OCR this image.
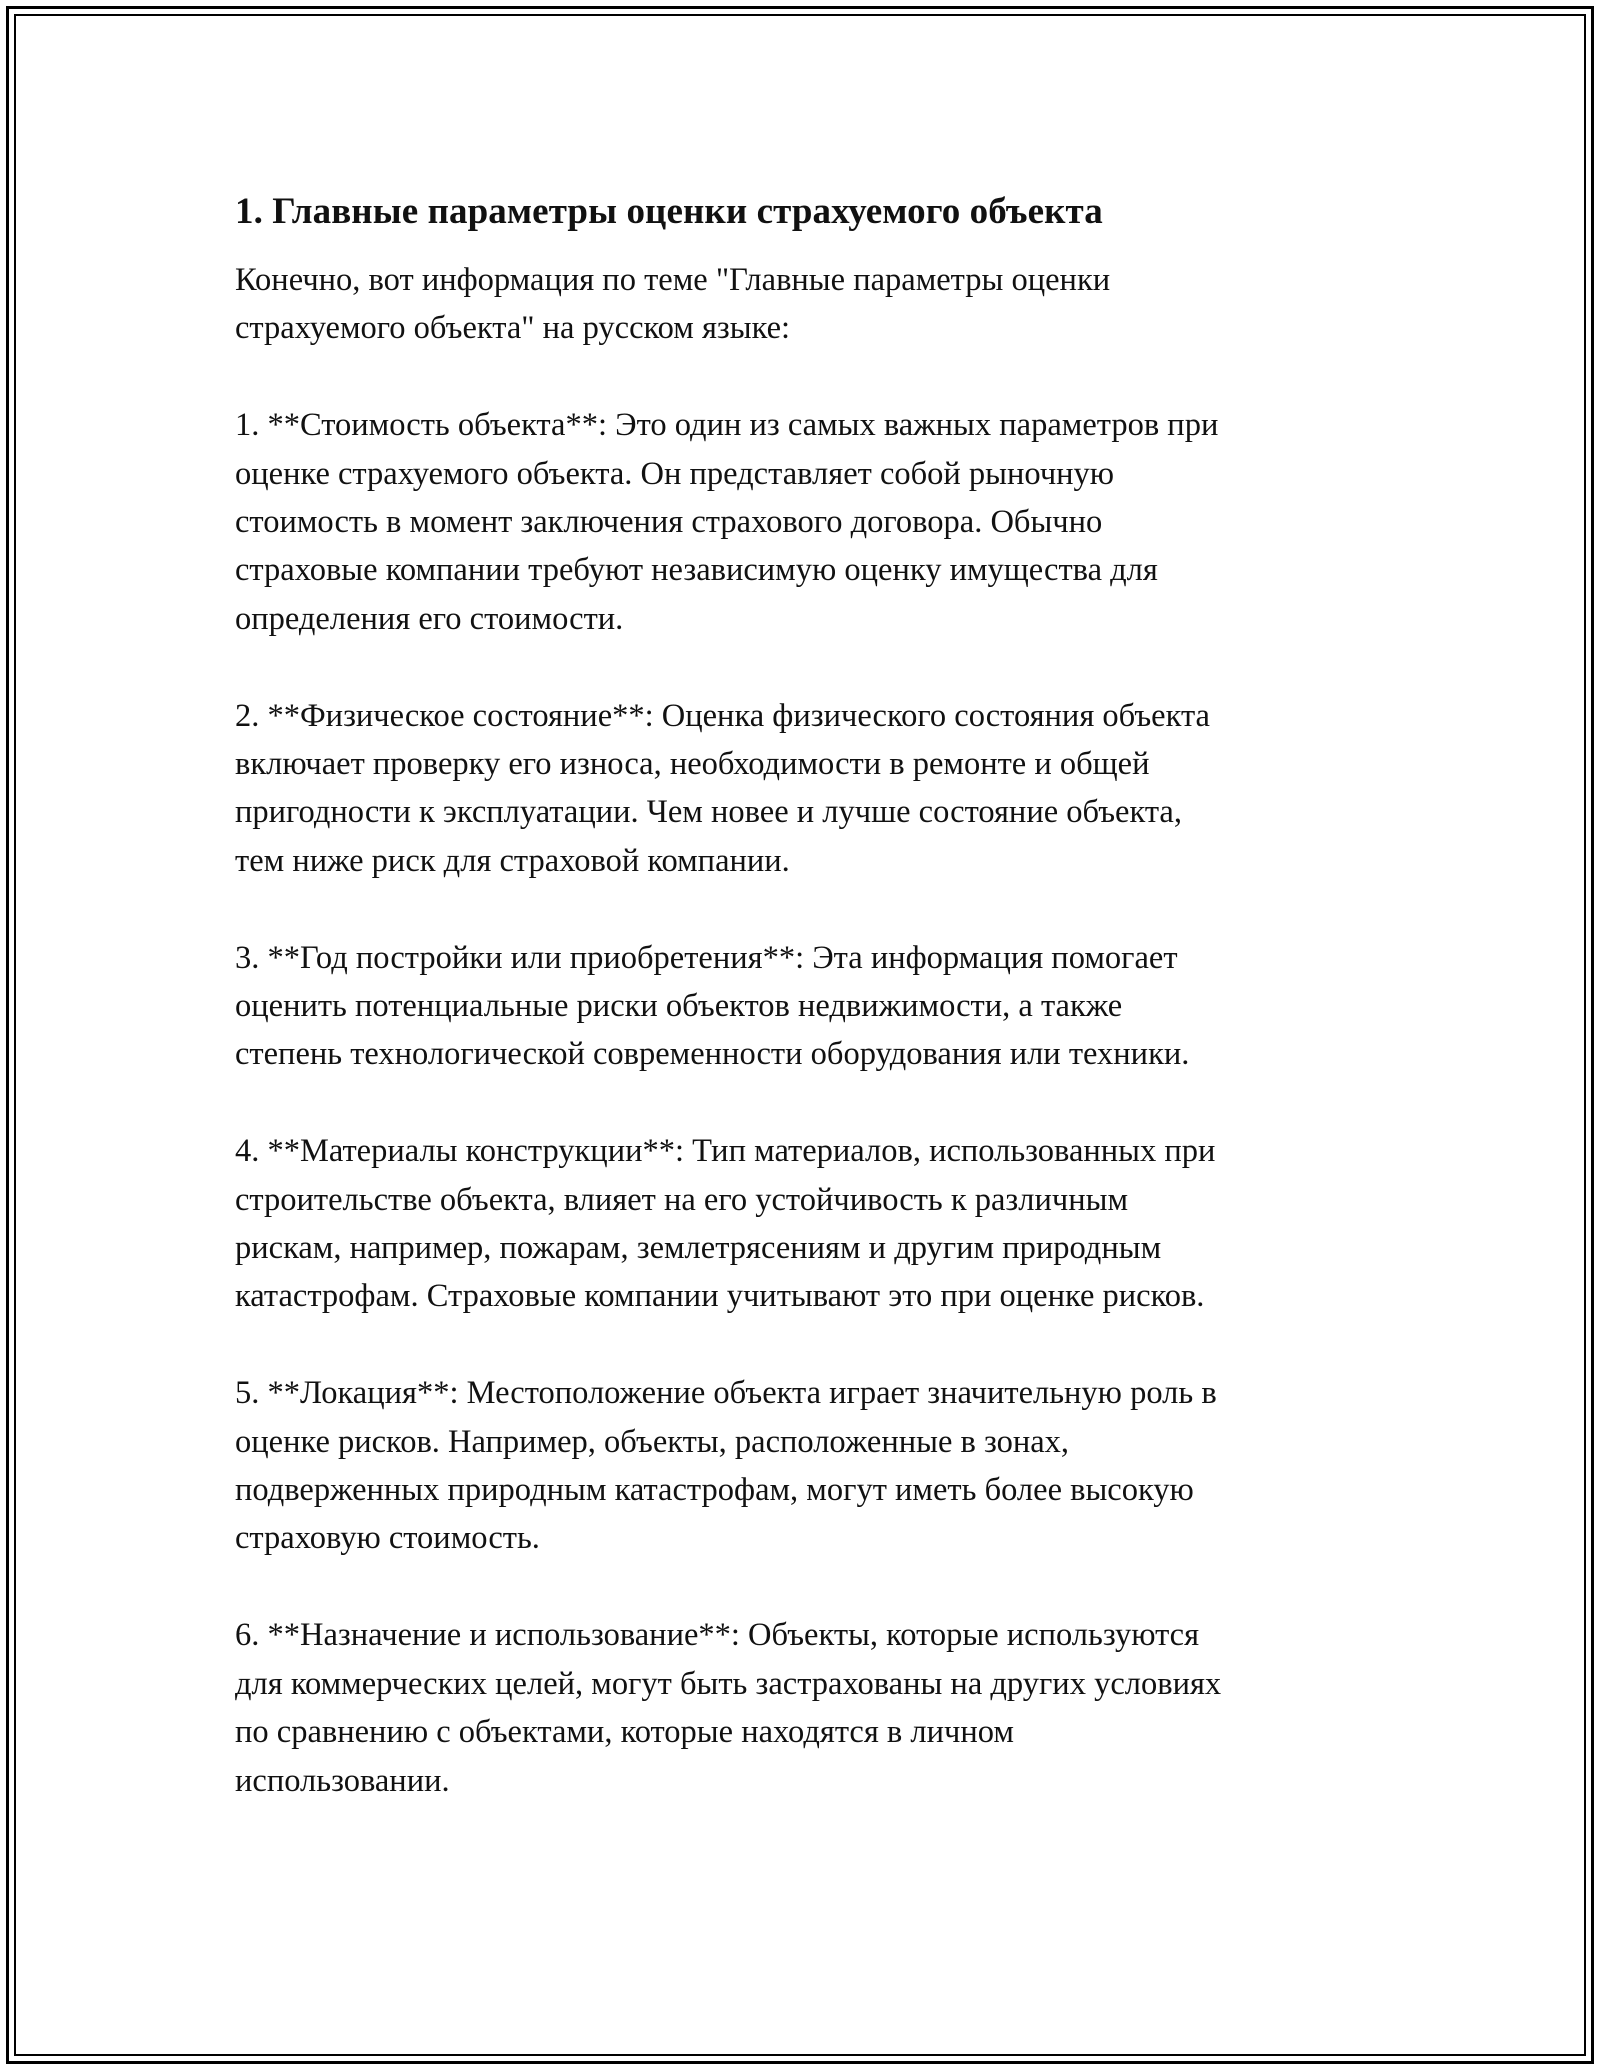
1. Главные параметры оценки страхуемого объекта

Конечно, вот информация по теме "Главные параметры оценки
страхуемого объекта" на русском языке:

1. **Стоимость объекта**: Это один из самых важных параметров при
оценке страхуемого объекта. Он представляет собой рыночную
стоимость в момент заключения страхового договора. Обычно
страховые компании требуют независимую оценку имущества для
определения его стоимости.

2. **Физическое состояние**: Оценка физического состояния объекта
включает проверку его износа, необходимости в ремонте и общей
пригодности к эксплуатации. Чем новее и лучше состояние объекта,
тем ниже риск для страховой компании.

3. **Год постройки или приобретения**: Эта информация помогает
оценить потенциальные риски объектов недвижимости, а также
степень технологической современности оборудования или техники.

4. **Материалы конструкции**: Тип материалов, использованных при
строительстве объекта, влияет на его устойчивость к различным
рискам, например, пожарам, землетрясениям и другим природным
катастрофам. Страховые компании учитывают это при оценке рисков.

5. **Локация**: Местоположение объекта играет значительную роль в
оценке рисков. Например, объекты, расположенные в зонах,
подверженных природным катастрофам, могут иметь более высокую
страховую стоимость.

6. **Назначение и использование**: Объекты, которые используются
для коммерческих целей, могут быть застрахованы на других условиях
по сравнению с объектами, которые находятся в личном
использовании.
